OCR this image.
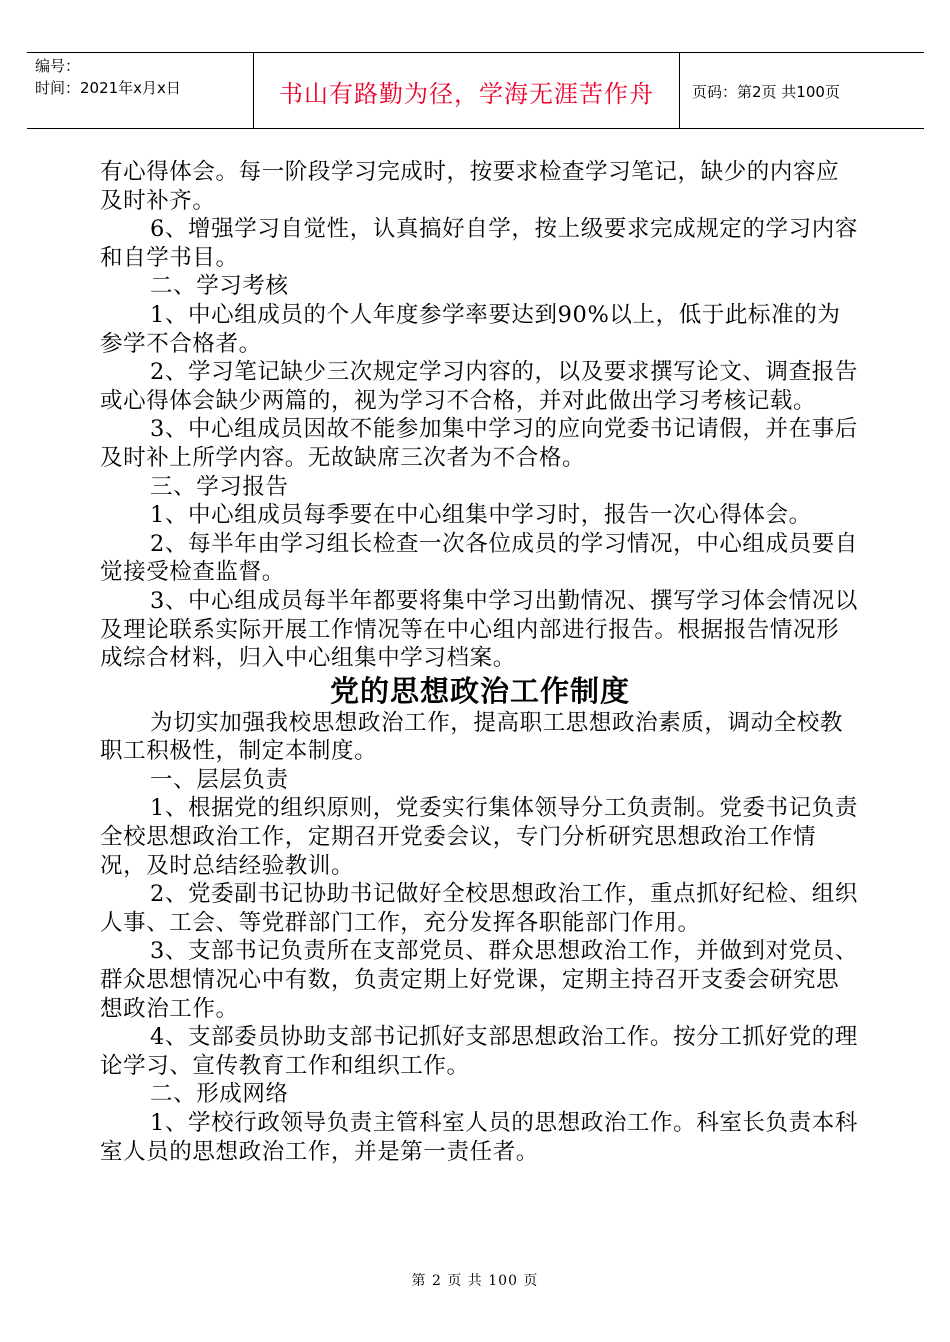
编号：
时间：2021年x月x日	书山有路勤为径，学海无涯苦作舟	页码：第2页 共100页

有心得体会。每一阶段学习完成时，按要求检查学习笔记，缺少的内容应及时补齐。

6、增强学习自觉性，认真搞好自学，按上级要求完成规定的学习内容和自学书目。

二、学习考核

1、中心组成员的个人年度参学率要达到90%以上，低于此标准的为参学不合格者。

2、学习笔记缺少三次规定学习内容的，以及要求撰写论文、调查报告或心得体会缺少两篇的，视为学习不合格，并对此做出学习考核记载。

3、中心组成员因故不能参加集中学习的应向党委书记请假，并在事后及时补上所学内容。无故缺席三次者为不合格。

三、学习报告

1、中心组成员每季要在中心组集中学习时，报告一次心得体会。

2、每半年由学习组长检查一次各位成员的学习情况，中心组成员要自觉接受检查监督。

3、中心组成员每半年都要将集中学习出勤情况、撰写学习体会情况以及理论联系实际开展工作情况等在中心组内部进行报告。根据报告情况形成综合材料，归入中心组集中学习档案。

党的思想政治工作制度

为切实加强我校思想政治工作，提高职工思想政治素质，调动全校教职工积极性，制定本制度。

一、层层负责

1、根据党的组织原则，党委实行集体领导分工负责制。党委书记负责全校思想政治工作，定期召开党委会议，专门分析研究思想政治工作情况，及时总结经验教训。

2、党委副书记协助书记做好全校思想政治工作，重点抓好纪检、组织人事、工会、等党群部门工作，充分发挥各职能部门作用。

3、支部书记负责所在支部党员、群众思想政治工作，并做到对党员、群众思想情况心中有数，负责定期上好党课，定期主持召开支委会研究思想政治工作。

4、支部委员协助支部书记抓好支部思想政治工作。按分工抓好党的理论学习、宣传教育工作和组织工作。

二、形成网络

1、学校行政领导负责主管科室人员的思想政治工作。科室长负责本科室人员的思想政治工作，并是第一责任者。

第 2 页 共 100 页
